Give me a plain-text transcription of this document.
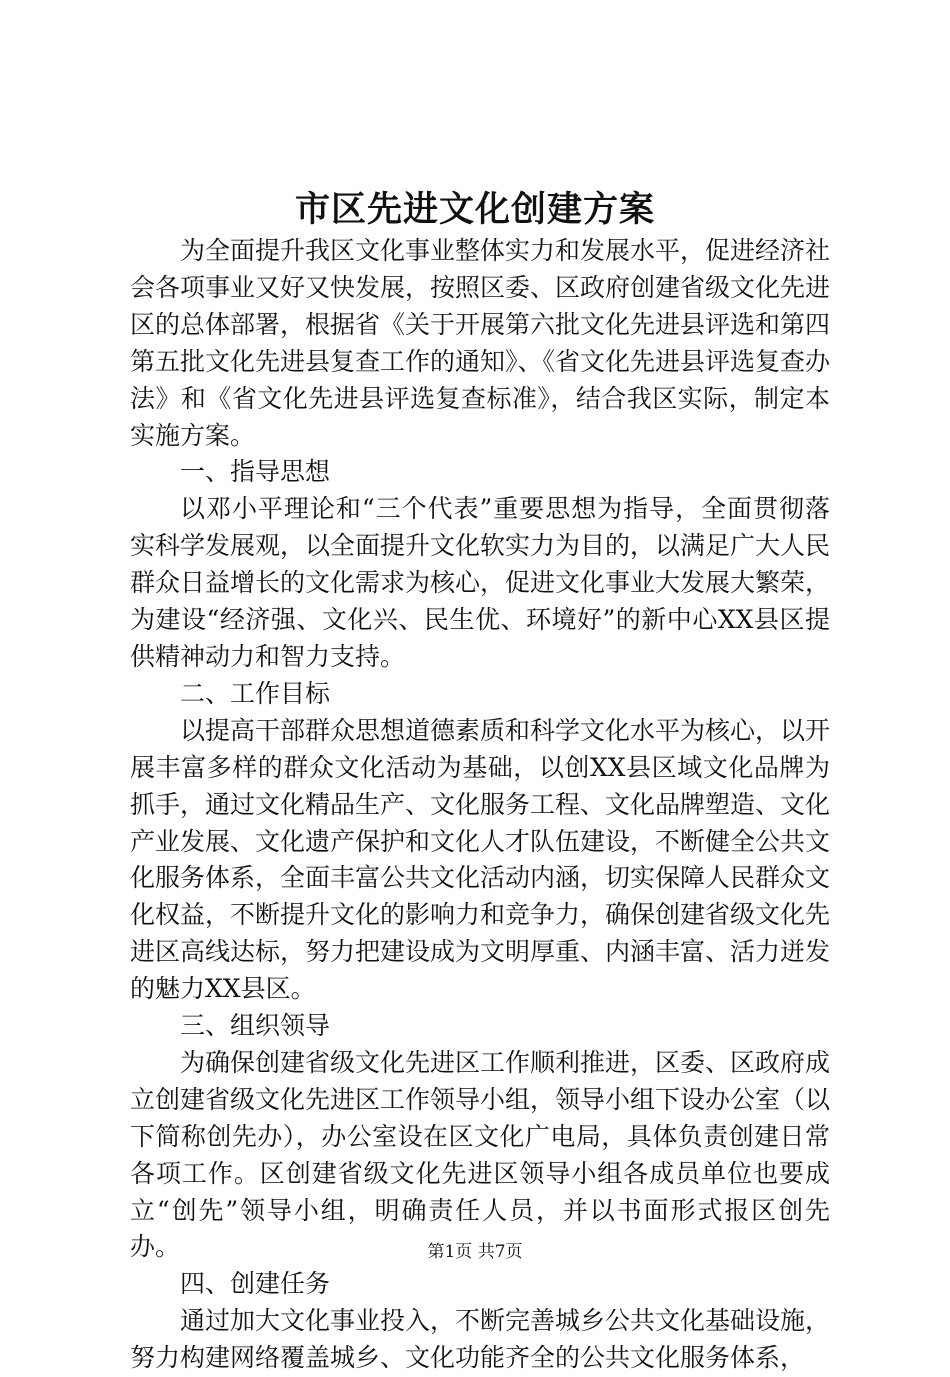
市区先进文化创建方案

为全面提升我区文化事业整体实力和发展水平，促进经济社会各项事业又好又快发展，按照区委、区政府创建省级文化先进区的总体部署，根据省《关于开展第六批文化先进县评选和第四第五批文化先进县复查工作的通知》、《省文化先进县评选复查办法》和《省文化先进县评选复查标准》，结合我区实际，制定本实施方案。

一、指导思想

以邓小平理论和“三个代表”重要思想为指导，全面贯彻落实科学发展观，以全面提升文化软实力为目的，以满足广大人民群众日益增长的文化需求为核心，促进文化事业大发展大繁荣，为建设“经济强、文化兴、民生优、环境好”的新中心XX县区提供精神动力和智力支持。

二、工作目标

以提高干部群众思想道德素质和科学文化水平为核心，以开展丰富多样的群众文化活动为基础，以创XX县区域文化品牌为抓手，通过文化精品生产、文化服务工程、文化品牌塑造、文化产业发展、文化遗产保护和文化人才队伍建设，不断健全公共文化服务体系，全面丰富公共文化活动内涵，切实保障人民群众文化权益，不断提升文化的影响力和竞争力，确保创建省级文化先进区高线达标，努力把建设成为文明厚重、内涵丰富、活力迸发的魅力XX县区。

三、组织领导

为确保创建省级文化先进区工作顺利推进，区委、区政府成立创建省级文化先进区工作领导小组，领导小组下设办公室（以下简称创先办），办公室设在区文化广电局，具体负责创建日常各项工作。区创建省级文化先进区领导小组各成员单位也要成立“创先”领导小组，明确责任人员，并以书面形式报区创先办。

四、创建任务

通过加大文化事业投入，不断完善城乡公共文化基础设施，努力构建网络覆盖城乡、文化功能齐全的公共文化服务体系，

第1页 共7页
